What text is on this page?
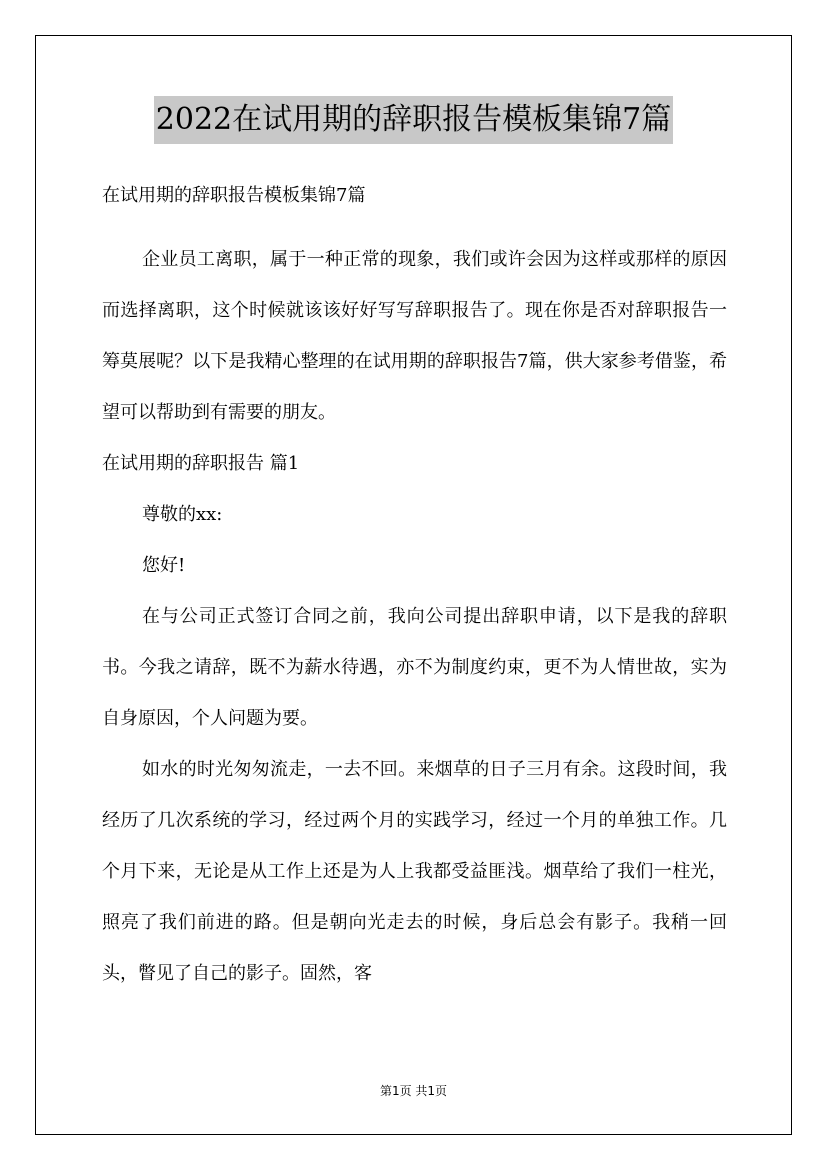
2022在试用期的辞职报告模板集锦7篇

在试用期的辞职报告模板集锦7篇

企业员工离职，属于一种正常的现象，我们或许会因为这样或那样的原因而选择离职，这个时候就该该好好写写辞职报告了。现在你是否对辞职报告一筹莫展呢？以下是我精心整理的在试用期的辞职报告7篇，供大家参考借鉴，希望可以帮助到有需要的朋友。

在试用期的辞职报告 篇1

尊敬的xx:

您好!

在与公司正式签订合同之前，我向公司提出辞职申请，以下是我的辞职书。今我之请辞，既不为薪水待遇，亦不为制度约束，更不为人情世故，实为自身原因，个人问题为要。

如水的时光匆匆流走，一去不回。来烟草的日子三月有余。这段时间，我经历了几次系统的学习，经过两个月的实践学习，经过一个月的单独工作。几个月下来，无论是从工作上还是为人上我都受益匪浅。烟草给了我们一柱光，照亮了我们前进的路。但是朝向光走去的时候，身后总会有影子。我稍一回头，瞥见了自己的影子。固然，客

第1页 共1页
